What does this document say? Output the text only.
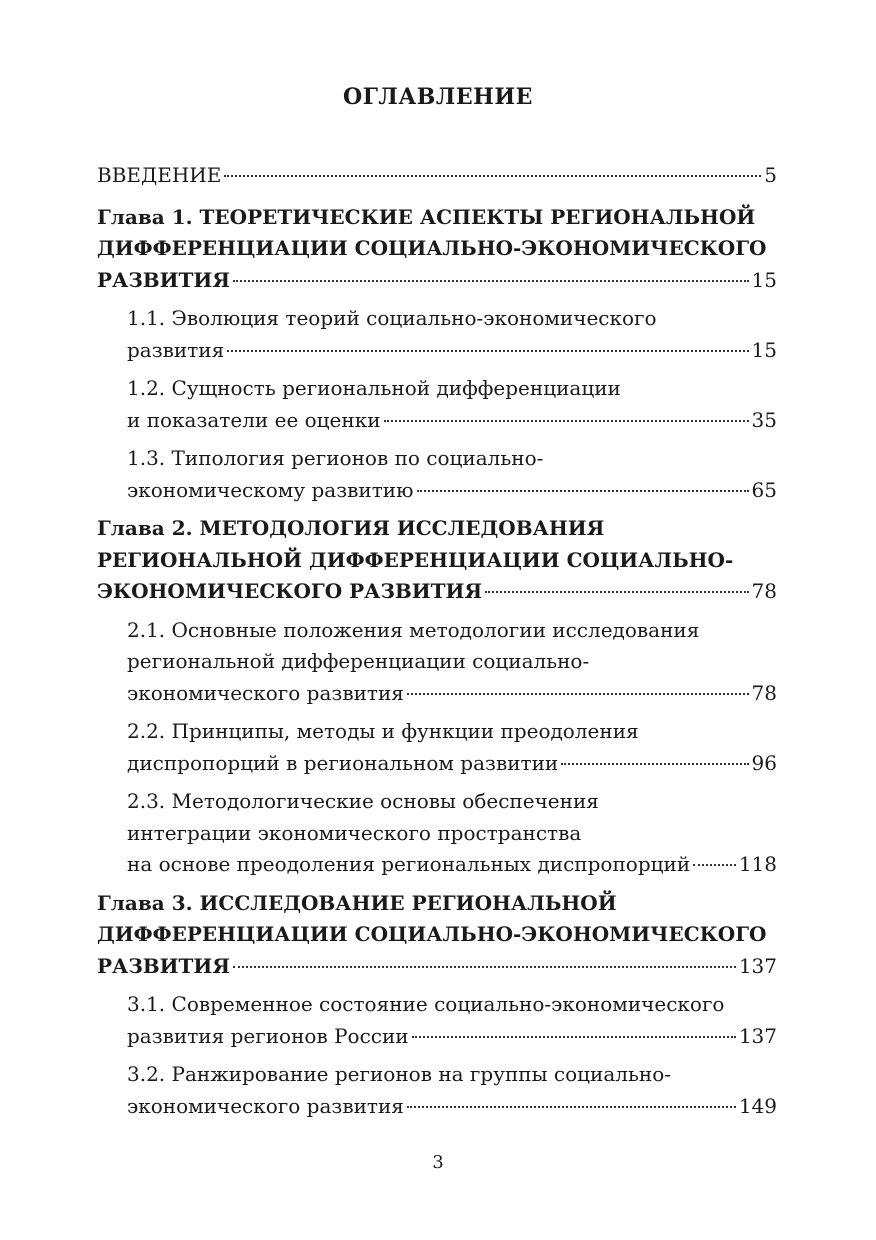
ОГЛАВЛЕНИЕ
ВВЕДЕНИЕ	5
Глава 1. ТЕОРЕТИЧЕСКИЕ АСПЕКТЫ РЕГИОНАЛЬНОЙ
ДИФФЕРЕНЦИАЦИИ СОЦИАЛЬНО-ЭКОНОМИЧЕСКОГО
РАЗВИТИЯ	15
1.1. Эволюция теорий социально-экономического
развития	15
1.2. Сущность региональной дифференциации
и показатели ее оценки	35
1.3. Типология регионов по социально-
экономическому развитию	65
Глава 2. МЕТОДОЛОГИЯ ИССЛЕДОВАНИЯ
РЕГИОНАЛЬНОЙ ДИФФЕРЕНЦИАЦИИ СОЦИАЛЬНО-
ЭКОНОМИЧЕСКОГО РАЗВИТИЯ	78
2.1. Основные положения методологии исследования
региональной дифференциации социально-
экономического развития	78
2.2. Принципы, методы и функции преодоления
диспропорций в региональном развитии	96
2.3. Методологические основы обеспечения
интеграции экономического пространства
на основе преодоления региональных диспропорций 118
Глава 3. ИССЛЕДОВАНИЕ РЕГИОНАЛЬНОЙ
ДИФФЕРЕНЦИАЦИИ СОЦИАЛЬНО-ЭКОНОМИЧЕСКОГО
РАЗВИТИЯ	137
3.1. Современное состояние социально-экономического
развития регионов России	137
3.2. Ранжирование регионов на группы социально-
экономического развития	149
3
